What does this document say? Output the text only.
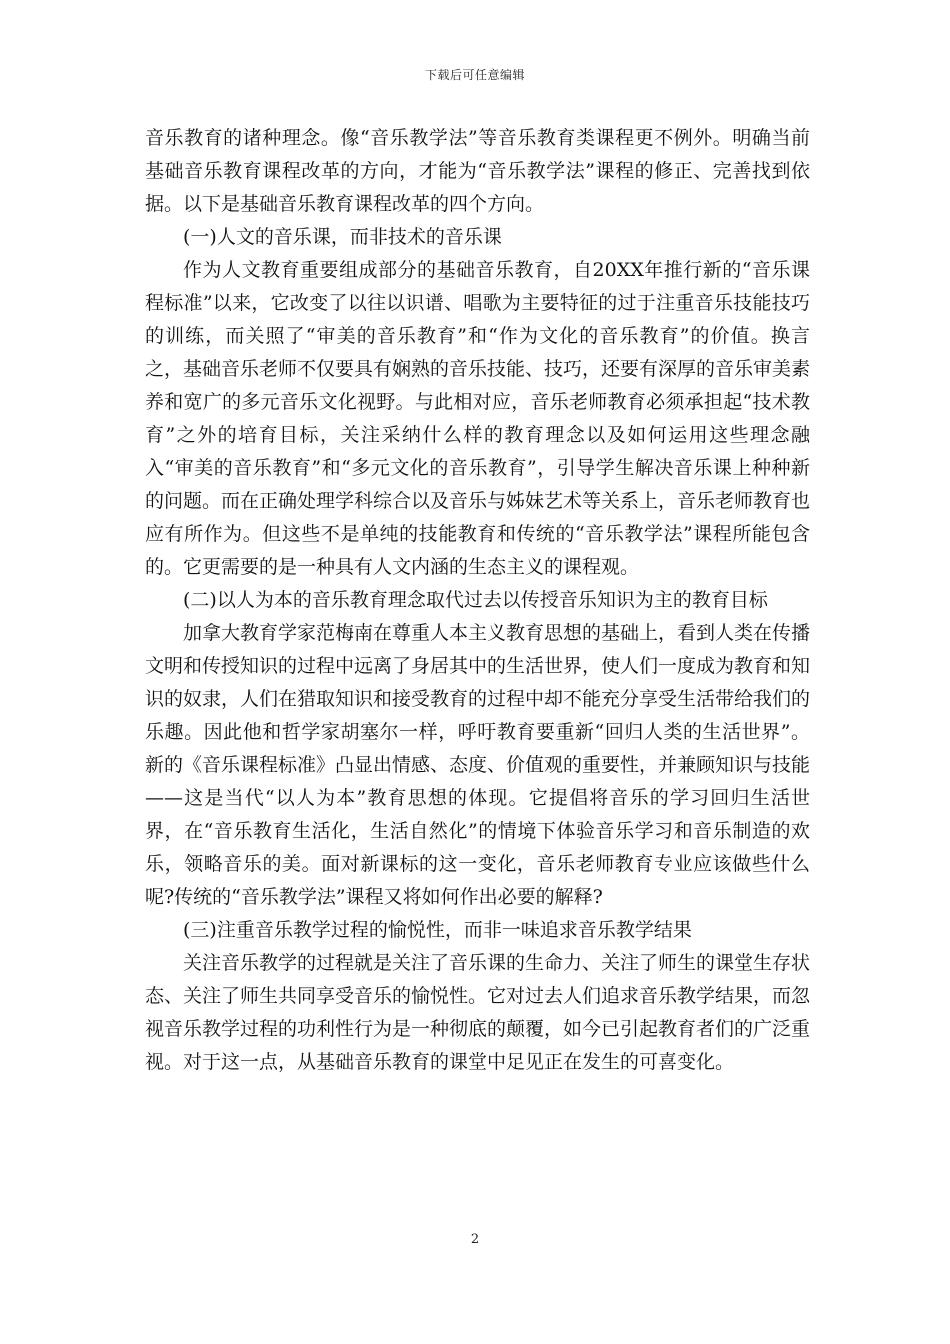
下载后可任意编辑

音乐教育的诸种理念。像“音乐教学法”等音乐教育类课程更不例外。明确当前基础音乐教育课程改革的方向，才能为“音乐教学法”课程的修正、完善找到依据。以下是基础音乐教育课程改革的四个方向。

(一)人文的音乐课，而非技术的音乐课

作为人文教育重要组成部分的基础音乐教育，自20XX年推行新的“音乐课程标准”以来，它改变了以往以识谱、唱歌为主要特征的过于注重音乐技能技巧的训练，而关照了“审美的音乐教育”和“作为文化的音乐教育”的价值。换言之，基础音乐老师不仅要具有娴熟的音乐技能、技巧，还要有深厚的音乐审美素养和宽广的多元音乐文化视野。与此相对应，音乐老师教育必须承担起“技术教育”之外的培育目标，关注采纳什么样的教育理念以及如何运用这些理念融入“审美的音乐教育”和“多元文化的音乐教育”，引导学生解决音乐课上种种新的问题。而在正确处理学科综合以及音乐与姊妹艺术等关系上，音乐老师教育也应有所作为。但这些不是单纯的技能教育和传统的“音乐教学法”课程所能包含的。它更需要的是一种具有人文内涵的生态主义的课程观。

(二)以人为本的音乐教育理念取代过去以传授音乐知识为主的教育目标

加拿大教育学家范梅南在尊重人本主义教育思想的基础上，看到人类在传播文明和传授知识的过程中远离了身居其中的生活世界，使人们一度成为教育和知识的奴隶，人们在猎取知识和接受教育的过程中却不能充分享受生活带给我们的乐趣。因此他和哲学家胡塞尔一样，呼吁教育要重新“回归人类的生活世界”。新的《音乐课程标准》凸显出情感、态度、价值观的重要性，并兼顾知识与技能——这是当代“以人为本”教育思想的体现。它提倡将音乐的学习回归生活世界，在“音乐教育生活化，生活自然化”的情境下体验音乐学习和音乐制造的欢乐，领略音乐的美。面对新课标的这一变化，音乐老师教育专业应该做些什么呢?传统的“音乐教学法”课程又将如何作出必要的解释?

(三)注重音乐教学过程的愉悦性，而非一味追求音乐教学结果

关注音乐教学的过程就是关注了音乐课的生命力、关注了师生的课堂生存状态、关注了师生共同享受音乐的愉悦性。它对过去人们追求音乐教学结果，而忽视音乐教学过程的功利性行为是一种彻底的颠覆，如今已引起教育者们的广泛重视。对于这一点，从基础音乐教育的课堂中足见正在发生的可喜变化。

2
